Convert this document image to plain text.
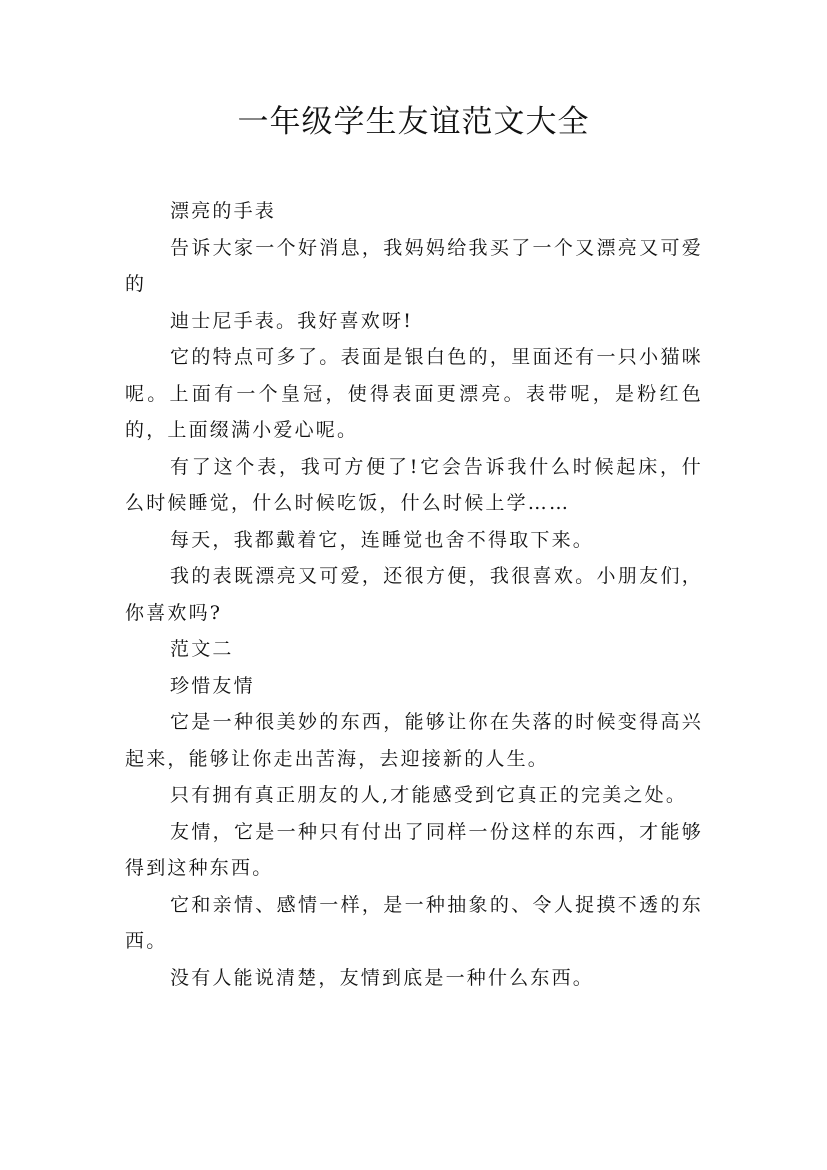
一年级学生友谊范文大全

漂亮的手表

告诉大家一个好消息，我妈妈给我买了一个又漂亮又可爱的

迪士尼手表。我好喜欢呀!

它的特点可多了。表面是银白色的，里面还有一只小猫咪呢。上面有一个皇冠，使得表面更漂亮。表带呢，是粉红色的，上面缀满小爱心呢。

有了这个表，我可方便了!它会告诉我什么时候起床，什么时候睡觉，什么时候吃饭，什么时候上学……

每天，我都戴着它，连睡觉也舍不得取下来。

我的表既漂亮又可爱，还很方便，我很喜欢。小朋友们，你喜欢吗?

范文二

珍惜友情

它是一种很美妙的东西，能够让你在失落的时候变得高兴起来，能够让你走出苦海，去迎接新的人生。

只有拥有真正朋友的人,才能感受到它真正的完美之处。

友情，它是一种只有付出了同样一份这样的东西，才能够得到这种东西。

它和亲情、感情一样，是一种抽象的、令人捉摸不透的东西。

没有人能说清楚，友情到底是一种什么东西。
